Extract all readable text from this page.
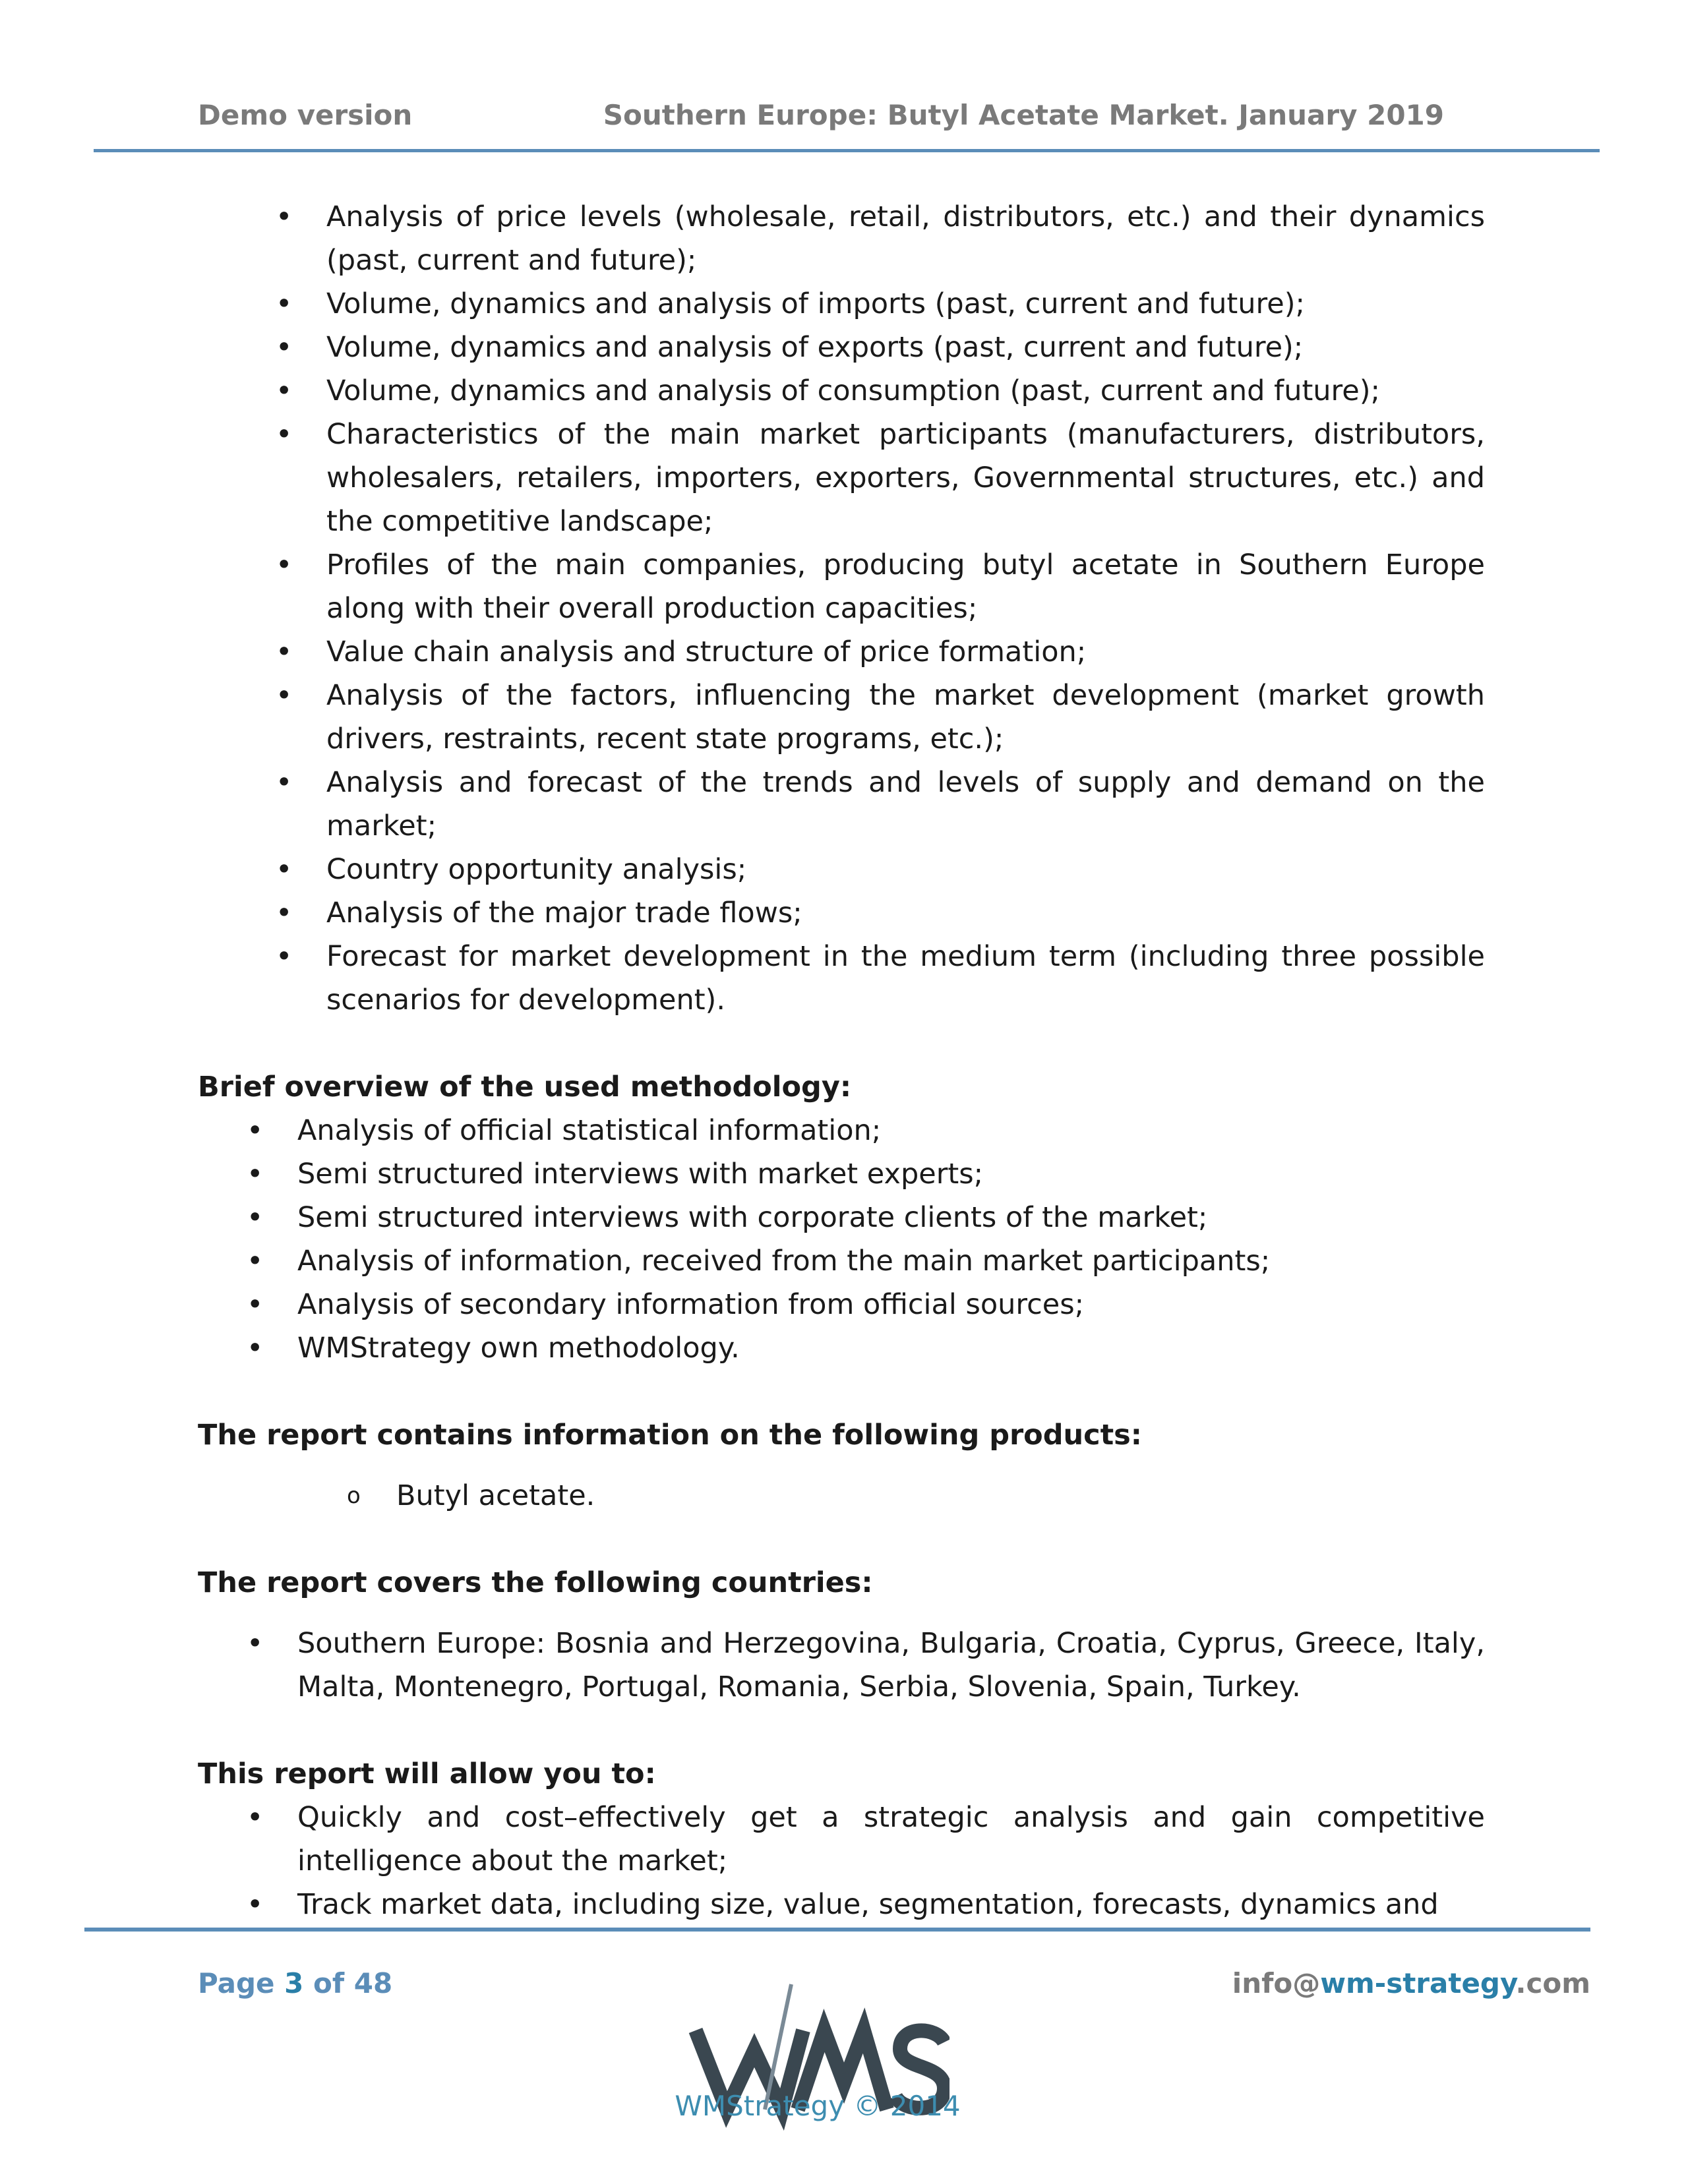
Demo version	Southern Europe: Butyl Acetate Market. January 2019
• Analysis of price levels (wholesale, retail, distributors, etc.) and their dynamics (past, current and future);
• Volume, dynamics and analysis of imports (past, current and future);
• Volume, dynamics and analysis of exports (past, current and future);
• Volume, dynamics and analysis of consumption (past, current and future);
• Characteristics of the main market participants (manufacturers, distributors, wholesalers, retailers, importers, exporters, Governmental structures, etc.) and the competitive landscape;
• Profiles of the main companies, producing butyl acetate in Southern Europe along with their overall production capacities;
• Value chain analysis and structure of price formation;
• Analysis of the factors, influencing the market development (market growth drivers, restraints, recent state programs, etc.);
• Analysis and forecast of the trends and levels of supply and demand on the market;
• Country opportunity analysis;
• Analysis of the major trade flows;
• Forecast for market development in the medium term (including three possible scenarios for development).

Brief overview of the used methodology:

• Analysis of official statistical information;
• Semi structured interviews with market experts;
• Semi structured interviews with corporate clients of the market;
• Analysis of information, received from the main market participants;
• Analysis of secondary information from official sources;
• WMStrategy own methodology.

The report contains information on the following products:

o Butyl acetate.

The report covers the following countries:

• Southern Europe: Bosnia and Herzegovina, Bulgaria, Croatia, Cyprus, Greece, Italy, Malta, Montenegro, Portugal, Romania, Serbia, Slovenia, Spain, Turkey.

This report will allow you to:

• Quickly and cost–effectively get a strategic analysis and gain competitive intelligence about the market;
• Track market data, including size, value, segmentation, forecasts, dynamics and
Page 3 of 48	info@wm-strategy.com
WMStrategy © 2014
